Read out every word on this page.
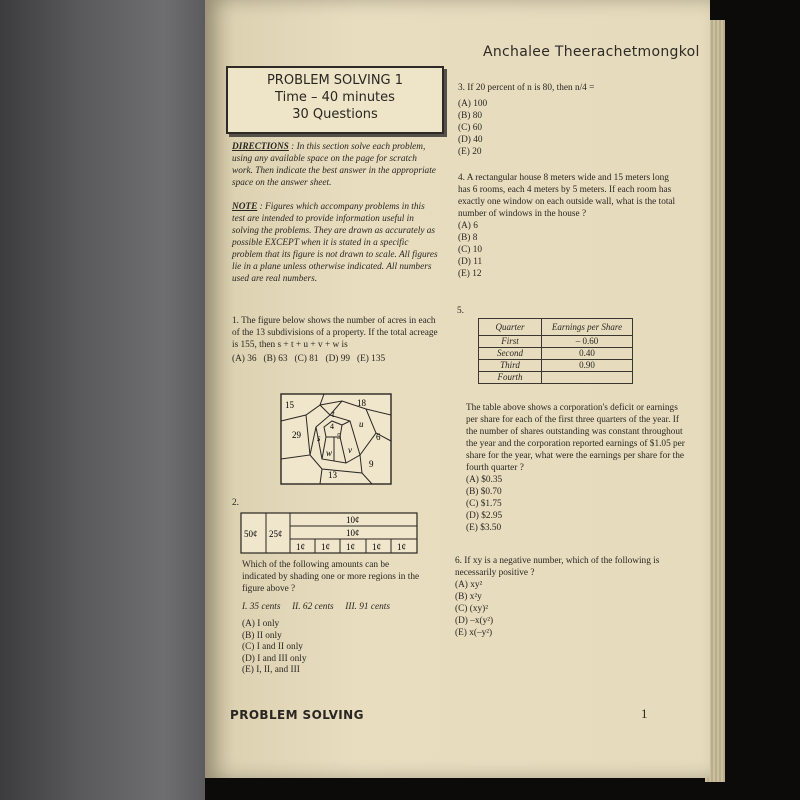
Anchalee Theerachetmongkol
PROBLEM SOLVING 1
Time – 40 minutes
30 Questions
DIRECTIONS : In this section solve each problem, using any available space on the page for scratch work. Then indicate the best answer in the appropriate space on the answer sheet.
NOTE : Figures which accompany problems in this test are intended to provide information useful in solving the problems. They are drawn as accurately as possible EXCEPT when it is stated in a specific problem that its figure is not drawn to scale. All figures lie in a plane unless otherwise indicated. All numbers used are real numbers.
1. The figure below shows the number of acres in each of the 13 subdivisions of a property. If the total acreage is 155, then s + t + u + v + w is
(A) 36   (B) 63   (C) 81   (D) 99   (E) 135
15	18
29
t
4	u
s 5	6
w v
9
13
2.
50¢ 25¢
10¢
10¢
1¢ 1¢ 1¢ 1¢ 1¢
Which of the following amounts can be indicated by shading one or more regions in the figure above ?
I. 35 cents     II. 62 cents     III. 91 cents
(A) I only
(B) II only
(C) I and II only
(D) I and III only
(E) I, II, and III
3. If 20 percent of n is 80, then n/4 =
(A) 100
(B) 80
(C) 60
(D) 40
(E) 20
4. A rectangular house 8 meters wide and 15 meters long has 6 rooms, each 4 meters by 5 meters. If each room has exactly one window on each outside wall, what is the total number of windows in the house ?
(A) 6
(B) 8
(C) 10
(D) 11
(E) 12
5.
Quarter	Earnings per Share
First	– 0.60
Second	0.40
Third	0.90
Fourth	
The table above shows a corporation's deficit or earnings per share for each of the first three quarters of the year. If the number of shares outstanding was constant throughout the year and the corporation reported earnings of $1.05 per share for the year, what were the earnings per share for the fourth quarter ?
(A) $0.35
(B) $0.70
(C) $1.75
(D) $2.95
(E) $3.50
6. If xy is a negative number, which of the following is necessarily positive ?
(A) xy²
(B) x²y
(C) (xy)²
(D) –x(y²)
(E) x(–y²)
PROBLEM SOLVING	1
